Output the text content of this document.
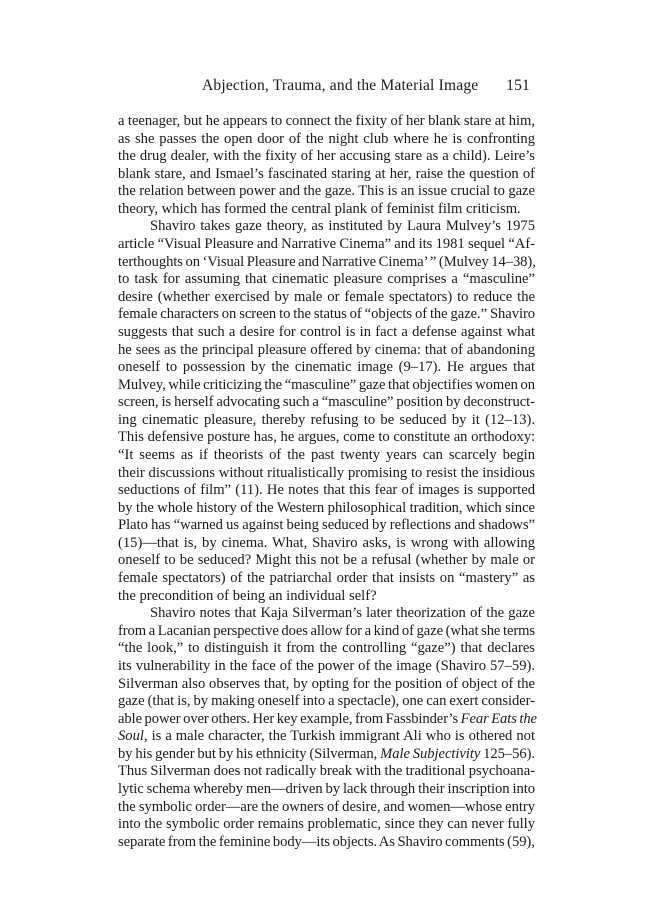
Abjection, Trauma, and the Material Image 151

a teenager, but he appears to connect the fixity of her blank stare at him,
as she passes the open door of the night club where he is confronting
the drug dealer, with the fixity of her accusing stare as a child). Leire’s
blank stare, and Ismael’s fascinated staring at her, raise the question of
the relation between power and the gaze. This is an issue crucial to gaze
theory, which has formed the central plank of feminist film criticism.

Shaviro takes gaze theory, as instituted by Laura Mulvey’s 1975
article “Visual Pleasure and Narrative Cinema” and its 1981 sequel “Af-
terthoughts on ‘Visual Pleasure and Narrative Cinema’ ” (Mulvey 14–38),
to task for assuming that cinematic pleasure comprises a “masculine”
desire (whether exercised by male or female spectators) to reduce the
female characters on screen to the status of “objects of the gaze.” Shaviro
suggests that such a desire for control is in fact a defense against what
he sees as the principal pleasure offered by cinema: that of abandoning
oneself to possession by the cinematic image (9–17). He argues that
Mulvey, while criticizing the “masculine” gaze that objectifies women on
screen, is herself advocating such a “masculine” position by deconstruct-
ing cinematic pleasure, thereby refusing to be seduced by it (12–13).
This defensive posture has, he argues, come to constitute an orthodoxy:
“It seems as if theorists of the past twenty years can scarcely begin
their discussions without ritualistically promising to resist the insidious
seductions of film” (11). He notes that this fear of images is supported
by the whole history of the Western philosophical tradition, which since
Plato has “warned us against being seduced by reflections and shadows”
(15)—that is, by cinema. What, Shaviro asks, is wrong with allowing
oneself to be seduced? Might this not be a refusal (whether by male or
female spectators) of the patriarchal order that insists on “mastery” as
the precondition of being an individual self?

Shaviro notes that Kaja Silverman’s later theorization of the gaze
from a Lacanian perspective does allow for a kind of gaze (what she terms
“the look,” to distinguish it from the controlling “gaze”) that declares
its vulnerability in the face of the power of the image (Shaviro 57–59).
Silverman also observes that, by opting for the position of object of the
gaze (that is, by making oneself into a spectacle), one can exert consider-
able power over others. Her key example, from Fassbinder’s Fear Eats the
Soul, is a male character, the Turkish immigrant Ali who is othered not
by his gender but by his ethnicity (Silverman, Male Subjectivity 125–56).
Thus Silverman does not radically break with the traditional psychoana-
lytic schema whereby men—driven by lack through their inscription into
the symbolic order—are the owners of desire, and women—whose entry
into the symbolic order remains problematic, since they can never fully
separate from the feminine body—its objects. As Shaviro comments (59),
